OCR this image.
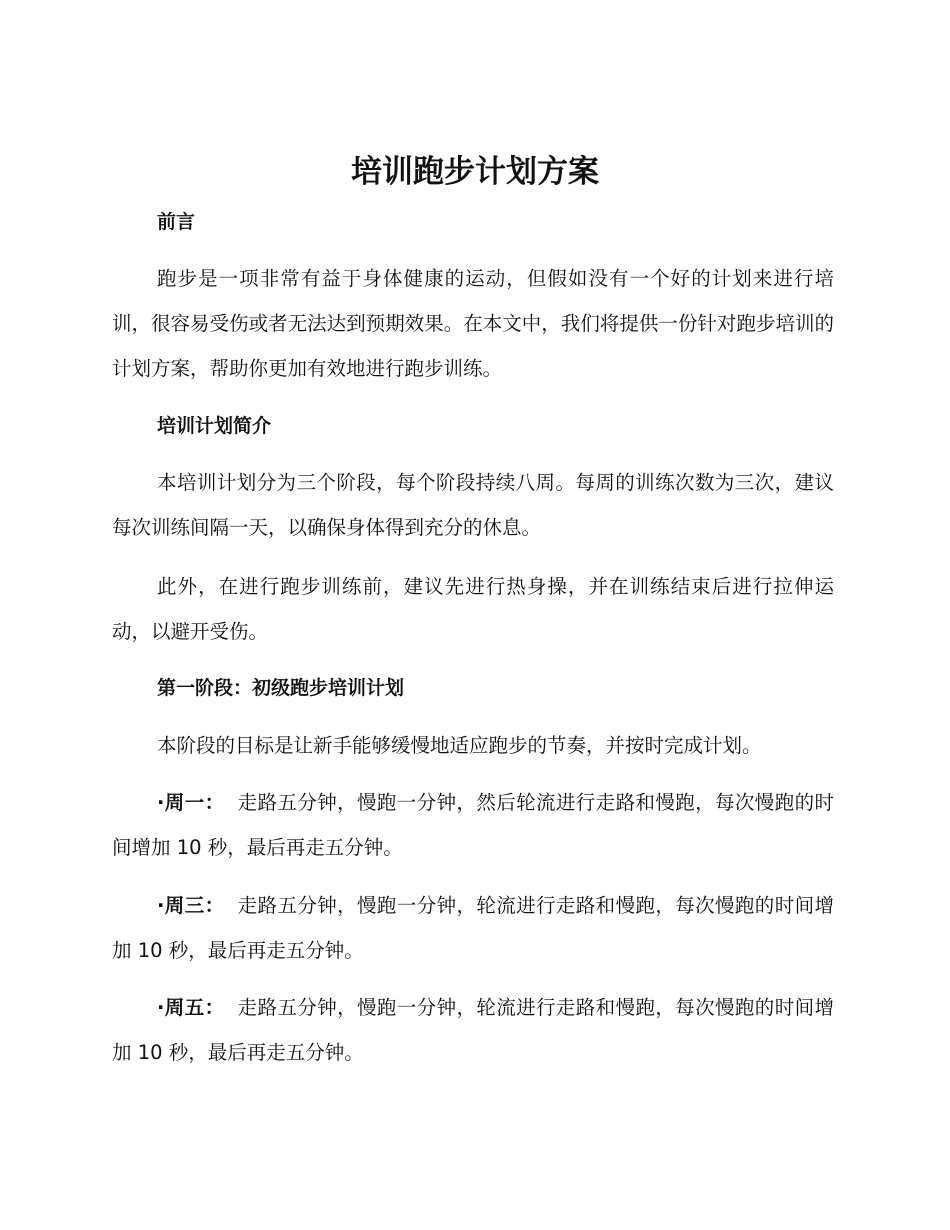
培训跑步计划方案
前言

跑步是一项非常有益于身体健康的运动，但假如没有一个好的计划来进行培训，很容易受伤或者无法达到预期效果。在本文中，我们将提供一份针对跑步培训的计划方案，帮助你更加有效地进行跑步训练。

培训计划简介

本培训计划分为三个阶段，每个阶段持续八周。每周的训练次数为三次，建议每次训练间隔一天，以确保身体得到充分的休息。

此外，在进行跑步训练前，建议先进行热身操，并在训练结束后进行拉伸运动，以避开受伤。

第一阶段：初级跑步培训计划

本阶段的目标是让新手能够缓慢地适应跑步的节奏，并按时完成计划。

·周一： 走路五分钟，慢跑一分钟，然后轮流进行走路和慢跑，每次慢跑的时间增加 10 秒，最后再走五分钟。

·周三： 走路五分钟，慢跑一分钟，轮流进行走路和慢跑，每次慢跑的时间增加 10 秒，最后再走五分钟。

·周五： 走路五分钟，慢跑一分钟，轮流进行走路和慢跑，每次慢跑的时间增加 10 秒，最后再走五分钟。
